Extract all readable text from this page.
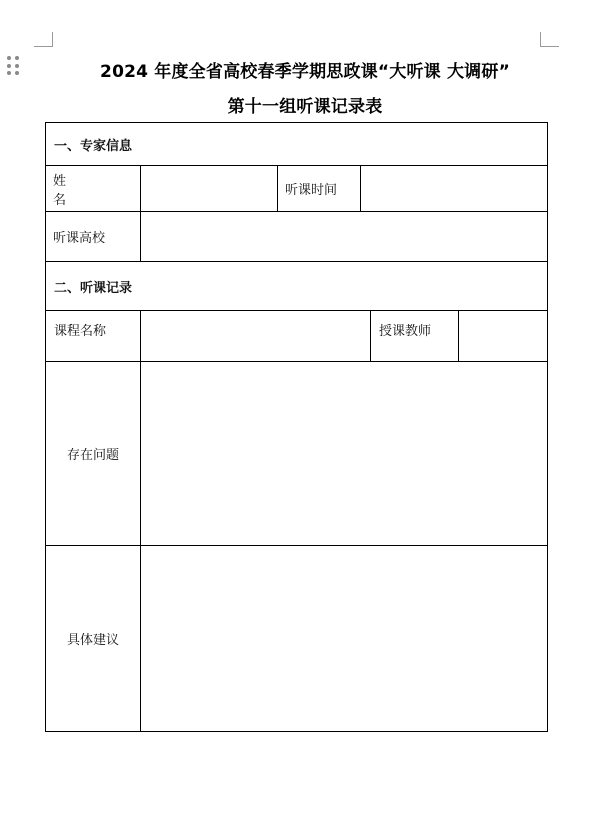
2024 年度全省高校春季学期思政课“大听课 大调研”
第十一组听课记录表
一、专家信息					
姓 名		听课时间			
听课高校					
二、听课记录					
课程名称				授课教师	
存在问题					
具体建议					
